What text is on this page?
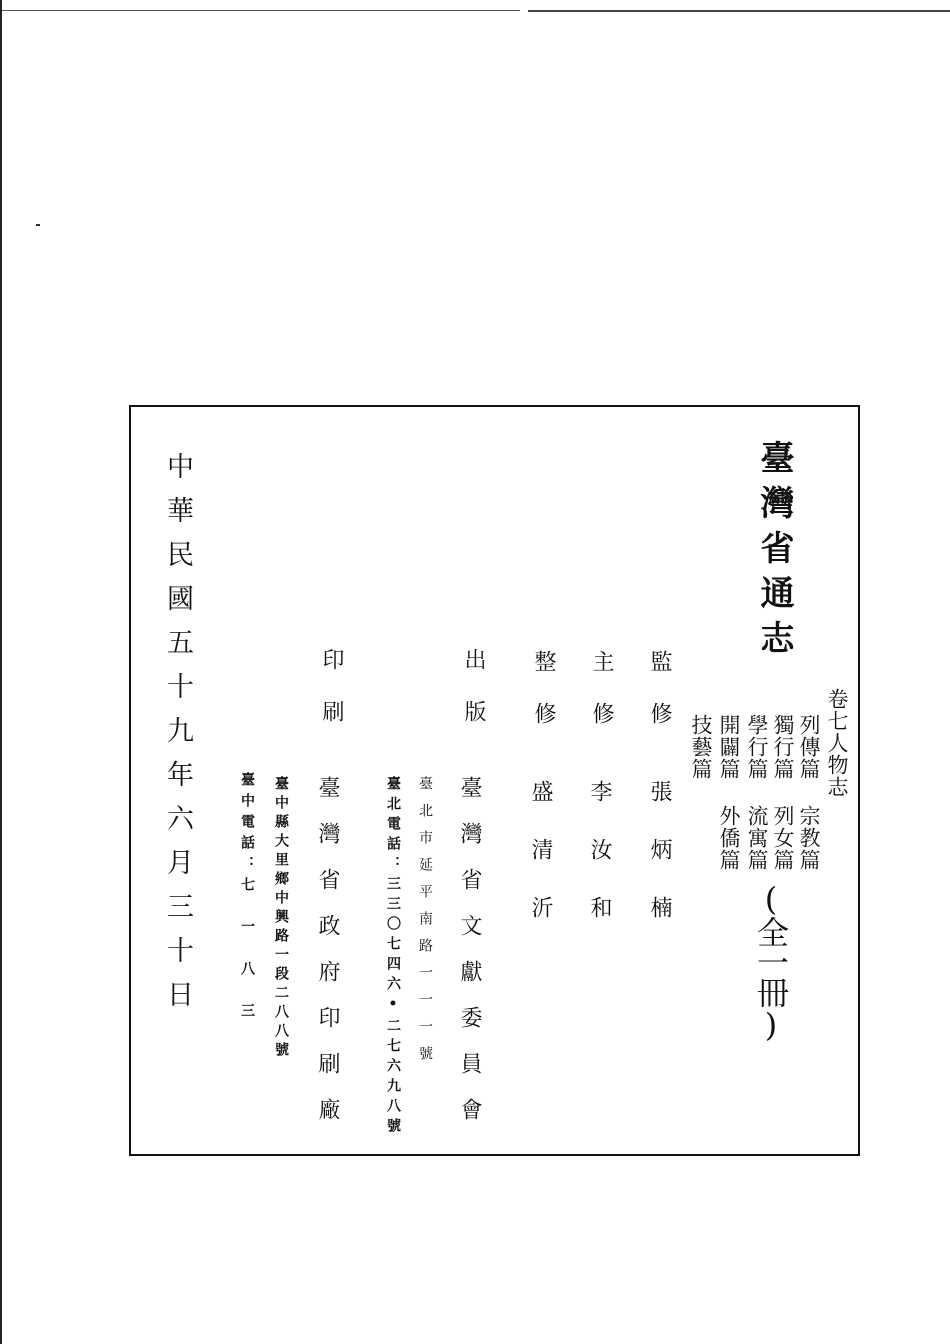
臺灣省通志
卷七人物志
列傳篇 宗教篇
獨行篇 列女篇
學行篇 流寓篇
開闢篇 外僑篇
技藝篇
(全一冊)
監修
張炳楠
主修
李汝和
整修
盛清沂
出版
臺灣省文獻委員會
臺北市延平南路一一一號
臺北電話：三三〇七四六•二七六九八號
印刷
臺灣省政府印刷廠
臺中縣大里鄉中興路一段二八八號
臺中電話：七　一　八　三
中華民國五十九年六月三十日
